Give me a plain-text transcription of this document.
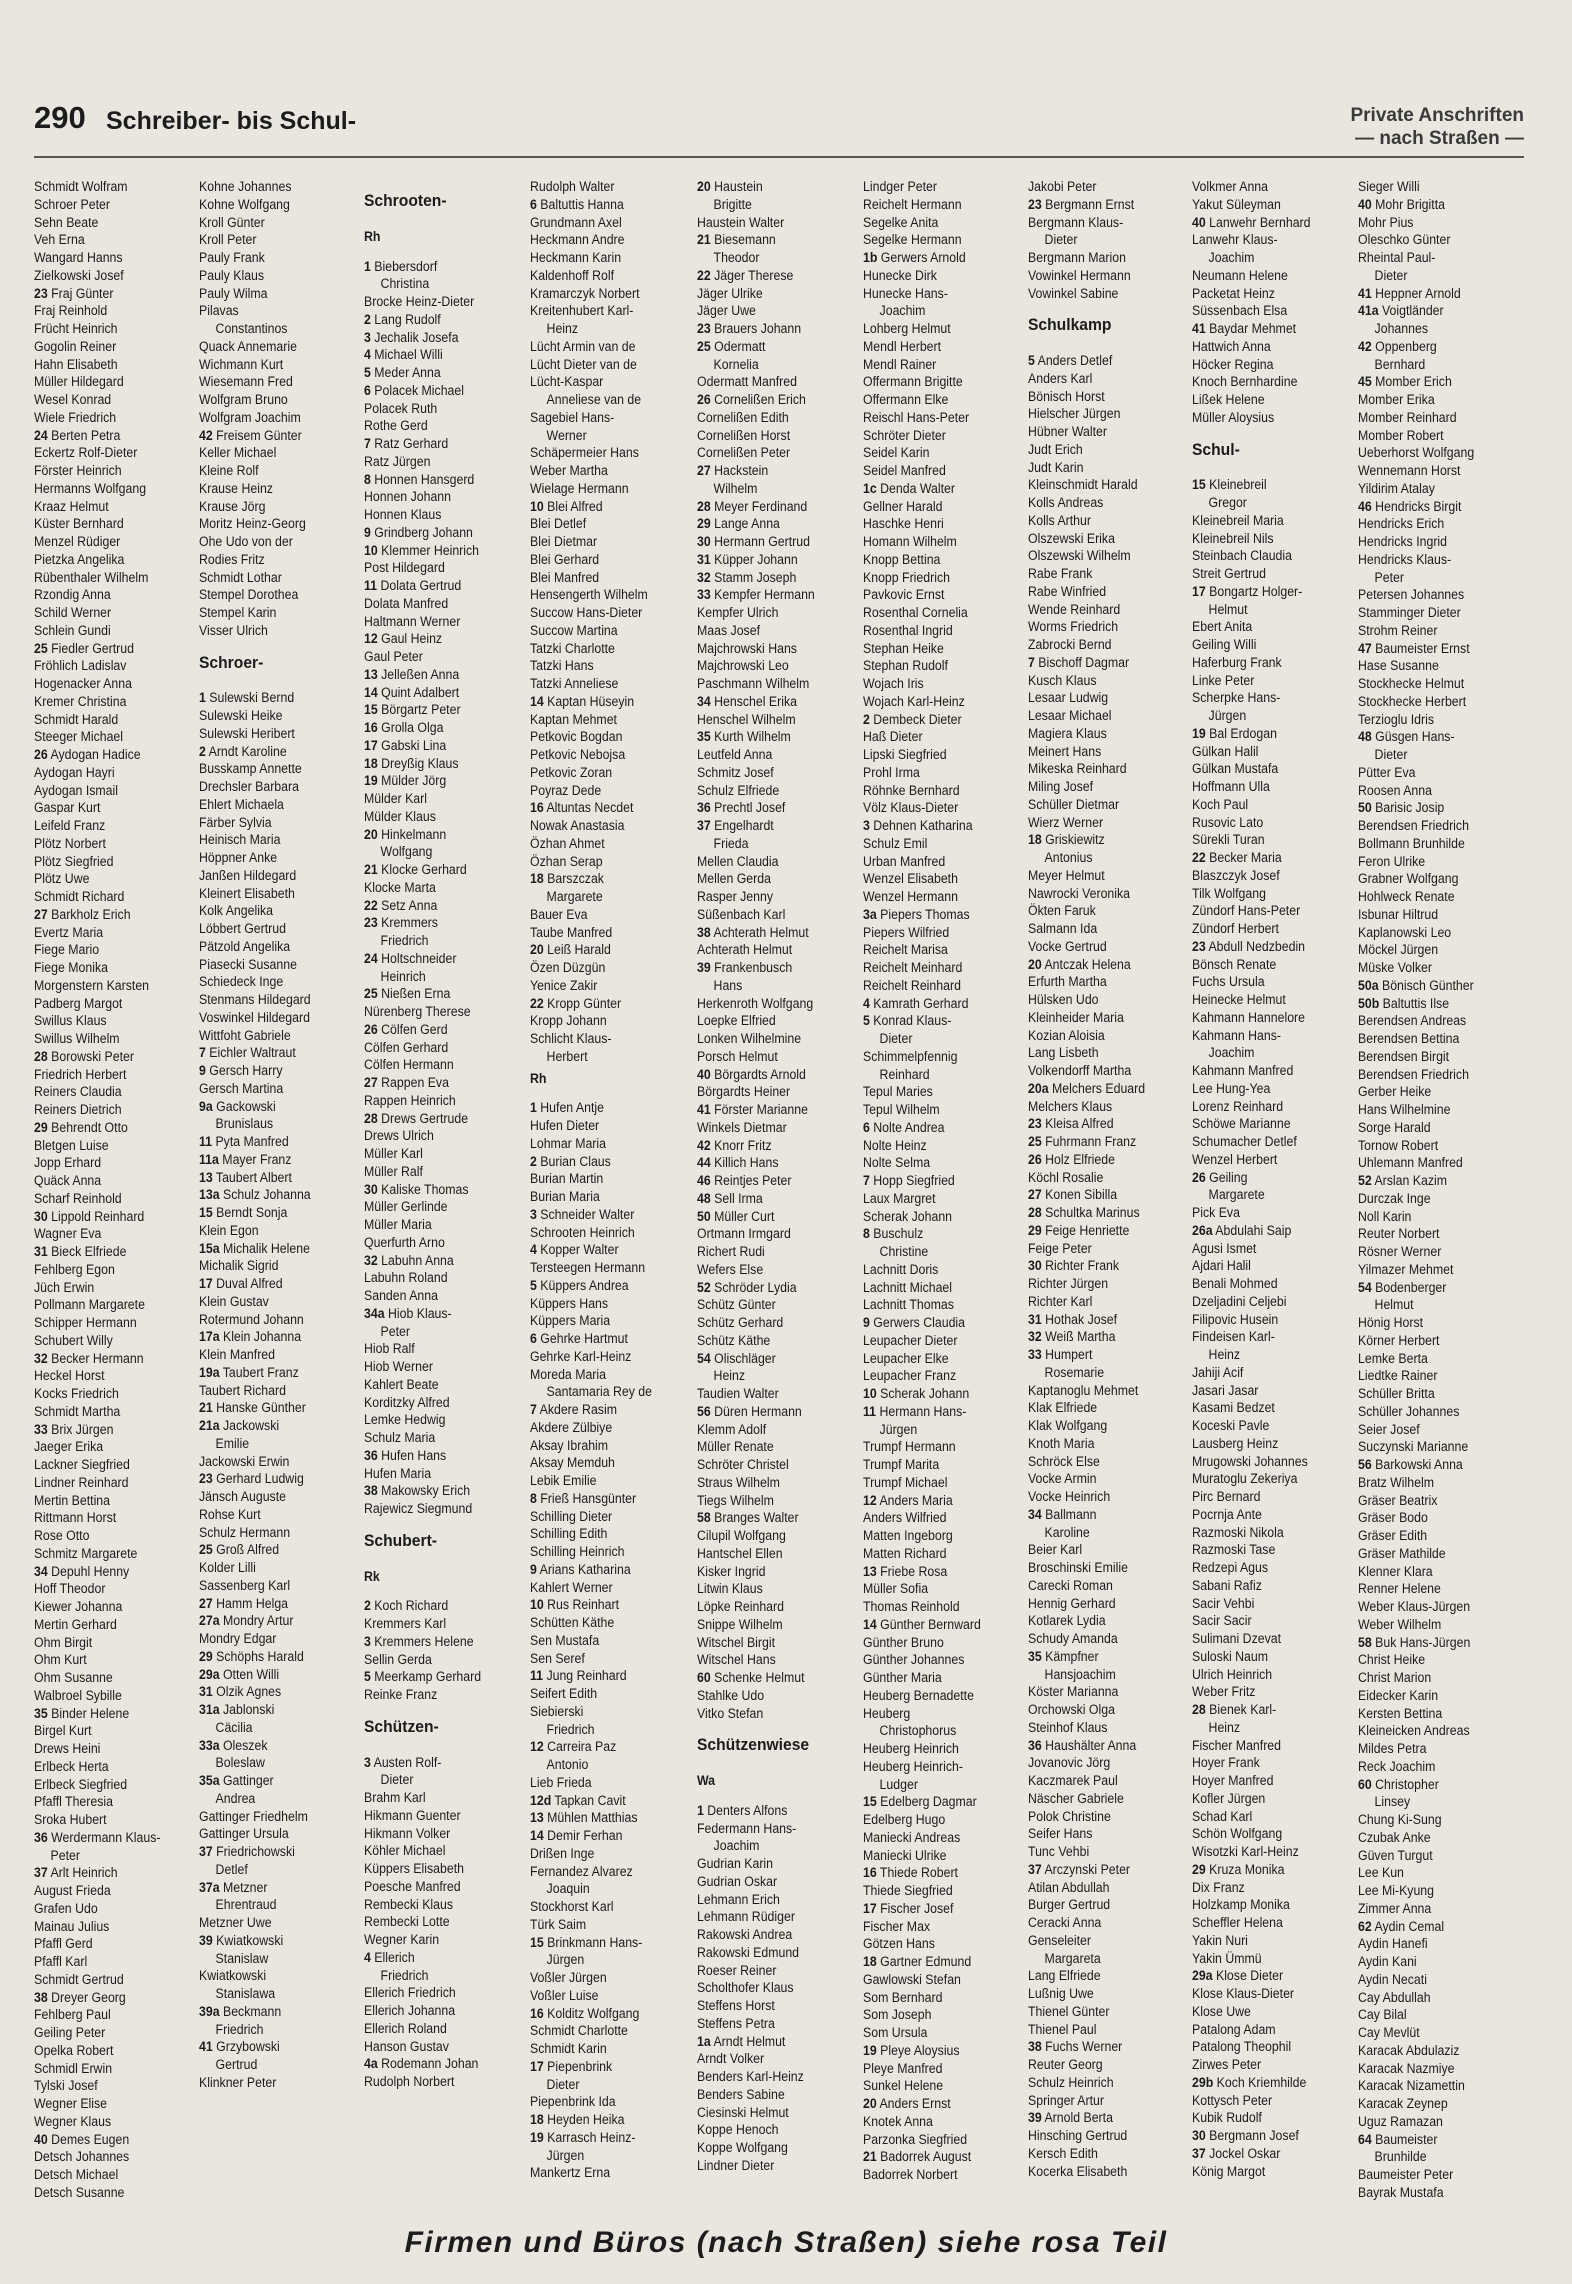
290 Schreiber- bis Schul-	Private Anschriften
— nach Straßen —
Schmidt Wolfram
Schroer Peter
Sehn Beate
Veh Erna
Wangard Hanns
Zielkowski Josef
23 Fraj Günter
Fraj Reinhold
Frücht Heinrich
Gogolin Reiner
Hahn Elisabeth
Müller Hildegard
Wesel Konrad
Wiele Friedrich
24 Berten Petra
Eckertz Rolf-Dieter
Förster Heinrich
Hermanns Wolfgang
Kraaz Helmut
Küster Bernhard
Menzel Rüdiger
Pietzka Angelika
Rübenthaler Wilhelm
Rzondig Anna
Schild Werner
Schlein Gundi
25 Fiedler Gertrud
Fröhlich Ladislav
Hogenacker Anna
Kremer Christina
Schmidt Harald
Steeger Michael
26 Aydogan Hadice
Aydogan Hayri
Aydogan Ismail
Gaspar Kurt
Leifeld Franz
Plötz Norbert
Plötz Siegfried
Plötz Uwe
Schmidt Richard
27 Barkholz Erich
Evertz Maria
Fiege Mario
Fiege Monika
Morgenstern Karsten
Padberg Margot
Swillus Klaus
Swillus Wilhelm
28 Borowski Peter
Friedrich Herbert
Reiners Claudia
Reiners Dietrich
29 Behrendt Otto
Bletgen Luise
Jopp Erhard
Quäck Anna
Scharf Reinhold
30 Lippold Reinhard
Wagner Eva
31 Bieck Elfriede
Fehlberg Egon
Jüch Erwin
Pollmann Margarete
Schipper Hermann
Schubert Willy
32 Becker Hermann
Heckel Horst
Kocks Friedrich
Schmidt Martha
33 Brix Jürgen
Jaeger Erika
Lackner Siegfried
Lindner Reinhard
Mertin Bettina
Rittmann Horst
Rose Otto
Schmitz Margarete
34 Depuhl Henny
Hoff Theodor
Kiewer Johanna
Mertin Gerhard
Ohm Birgit
Ohm Kurt
Ohm Susanne
Walbroel Sybille
35 Binder Helene
Birgel Kurt
Drews Heini
Erlbeck Herta
Erlbeck Siegfried
Pfaffl Theresia
Sroka Hubert
36 Werdermann Klaus-
Peter
37 Arlt Heinrich
August Frieda
Grafen Udo
Mainau Julius
Pfaffl Gerd
Pfaffl Karl
Schmidt Gertrud
38 Dreyer Georg
Fehlberg Paul
Geiling Peter
Opelka Robert
Schmidl Erwin
Tylski Josef
Wegner Elise
Wegner Klaus
40 Demes Eugen
Detsch Johannes
Detsch Michael
Detsch Susanne
Kohne Johannes
Kohne Wolfgang
Kroll Günter
Kroll Peter
Pauly Frank
Pauly Klaus
Pauly Wilma
Pilavas
Constantinos
Quack Annemarie
Wichmann Kurt
Wiesemann Fred
Wolfgram Bruno
Wolfgram Joachim
42 Freisem Günter
Keller Michael
Kleine Rolf
Krause Heinz
Krause Jörg
Moritz Heinz-Georg
Ohe Udo von der
Rodies Fritz
Schmidt Lothar
Stempel Dorothea
Stempel Karin
Visser Ulrich
Schroer-
1 Sulewski Bernd
Sulewski Heike
Sulewski Heribert
2 Arndt Karoline
Busskamp Annette
Drechsler Barbara
Ehlert Michaela
Färber Sylvia
Heinisch Maria
Höppner Anke
Janßen Hildegard
Kleinert Elisabeth
Kolk Angelika
Löbbert Gertrud
Pätzold Angelika
Piasecki Susanne
Schiedeck Inge
Stenmans Hildegard
Voswinkel Hildegard
Wittfoht Gabriele
7 Eichler Waltraut
9 Gersch Harry
Gersch Martina
9a Gackowski
Brunislaus
11 Pyta Manfred
11a Mayer Franz
13 Taubert Albert
13a Schulz Johanna
15 Berndt Sonja
Klein Egon
15a Michalik Helene
Michalik Sigrid
17 Duval Alfred
Klein Gustav
Rotermund Johann
17a Klein Johanna
Klein Manfred
19a Taubert Franz
Taubert Richard
21 Hanske Günther
21a Jackowski
Emilie
Jackowski Erwin
23 Gerhard Ludwig
Jänsch Auguste
Rohse Kurt
Schulz Hermann
25 Groß Alfred
Kolder Lilli
Sassenberg Karl
27 Hamm Helga
27a Mondry Artur
Mondry Edgar
29 Schöphs Harald
29a Otten Willi
31 Olzik Agnes
31a Jablonski
Cäcilia
33a Oleszek
Boleslaw
35a Gattinger
Andrea
Gattinger Friedhelm
Gattinger Ursula
37 Friedrichowski
Detlef
37a Metzner
Ehrentraud
Metzner Uwe
39 Kwiatkowski
Stanislaw
Kwiatkowski
Stanislawa
39a Beckmann
Friedrich
41 Grzybowski
Gertrud
Klinkner Peter
Schrooten-
Rh
1 Biebersdorf
Christina
Brocke Heinz-Dieter
2 Lang Rudolf
3 Jechalik Josefa
4 Michael Willi
5 Meder Anna
6 Polacek Michael
Polacek Ruth
Rothe Gerd
7 Ratz Gerhard
Ratz Jürgen
8 Honnen Hansgerd
Honnen Johann
Honnen Klaus
9 Grindberg Johann
10 Klemmer Heinrich
Post Hildegard
11 Dolata Gertrud
Dolata Manfred
Haltmann Werner
12 Gaul Heinz
Gaul Peter
13 Jelleßen Anna
14 Quint Adalbert
15 Börgartz Peter
16 Grolla Olga
17 Gabski Lina
18 Dreyßig Klaus
19 Mülder Jörg
Mülder Karl
Mülder Klaus
20 Hinkelmann
Wolfgang
21 Klocke Gerhard
Klocke Marta
22 Setz Anna
23 Kremmers
Friedrich
24 Holtschneider
Heinrich
25 Nießen Erna
Nürenberg Therese
26 Cölfen Gerd
Cölfen Gerhard
Cölfen Hermann
27 Rappen Eva
Rappen Heinrich
28 Drews Gertrude
Drews Ulrich
Müller Karl
Müller Ralf
30 Kaliske Thomas
Müller Gerlinde
Müller Maria
Querfurth Arno
32 Labuhn Anna
Labuhn Roland
Sanden Anna
34a Hiob Klaus-
Peter
Hiob Ralf
Hiob Werner
Kahlert Beate
Korditzky Alfred
Lemke Hedwig
Schulz Maria
36 Hufen Hans
Hufen Maria
38 Makowsky Erich
Rajewicz Siegmund
Schubert-
Rk
2 Koch Richard
Kremmers Karl
3 Kremmers Helene
Sellin Gerda
5 Meerkamp Gerhard
Reinke Franz
Schützen-
3 Austen Rolf-
Dieter
Brahm Karl
Hikmann Guenter
Hikmann Volker
Köhler Michael
Küppers Elisabeth
Poesche Manfred
Rembecki Klaus
Rembecki Lotte
Wegner Karin
4 Ellerich
Friedrich
Ellerich Friedrich
Ellerich Johanna
Ellerich Roland
Hanson Gustav
4a Rodemann Johan
Rudolph Norbert
Rudolph Walter
6 Baltuttis Hanna
Grundmann Axel
Heckmann Andre
Heckmann Karin
Kaldenhoff Rolf
Kramarczyk Norbert
Kreitenhubert Karl-
Heinz
Lücht Armin van de
Lücht Dieter van de
Lücht-Kaspar
Anneliese van de
Sagebiel Hans-
Werner
Schäpermeier Hans
Weber Martha
Wielage Hermann
10 Blei Alfred
Blei Detlef
Blei Dietmar
Blei Gerhard
Blei Manfred
Hensengerth Wilhelm
Succow Hans-Dieter
Succow Martina
Tatzki Charlotte
Tatzki Hans
Tatzki Anneliese
14 Kaptan Hüseyin
Kaptan Mehmet
Petkovic Bogdan
Petkovic Nebojsa
Petkovic Zoran
Poyraz Dede
16 Altuntas Necdet
Nowak Anastasia
Özhan Ahmet
Özhan Serap
18 Barszczak
Margarete
Bauer Eva
Taube Manfred
20 Leiß Harald
Özen Düzgün
Yenice Zakir
22 Kropp Günter
Kropp Johann
Schlicht Klaus-
Herbert
Rh
1 Hufen Antje
Hufen Dieter
Lohmar Maria
2 Burian Claus
Burian Martin
Burian Maria
3 Schneider Walter
Schrooten Heinrich
4 Kopper Walter
Tersteegen Hermann
5 Küppers Andrea
Küppers Hans
Küppers Maria
6 Gehrke Hartmut
Gehrke Karl-Heinz
Moreda Maria
Santamaria Rey de
7 Akdere Rasim
Akdere Zülbiye
Aksay Ibrahim
Aksay Memduh
Lebik Emilie
8 Frieß Hansgünter
Schilling Dieter
Schilling Edith
Schilling Heinrich
9 Arians Katharina
Kahlert Werner
10 Rus Reinhart
Schütten Käthe
Sen Mustafa
Sen Seref
11 Jung Reinhard
Seifert Edith
Siebierski
Friedrich
12 Carreira Paz
Antonio
Lieb Frieda
12d Tapkan Cavit
13 Mühlen Matthias
14 Demir Ferhan
Drißen Inge
Fernandez Alvarez
Joaquin
Stockhorst Karl
Türk Saim
15 Brinkmann Hans-
Jürgen
Voßler Jürgen
Voßler Luise
16 Kolditz Wolfgang
Schmidt Charlotte
Schmidt Karin
17 Piepenbrink
Dieter
Piepenbrink Ida
18 Heyden Heika
19 Karrasch Heinz-
Jürgen
Mankertz Erna
20 Haustein
Brigitte
Haustein Walter
21 Biesemann
Theodor
22 Jäger Therese
Jäger Ulrike
Jäger Uwe
23 Brauers Johann
25 Odermatt
Kornelia
Odermatt Manfred
26 Cornelißen Erich
Cornelißen Edith
Cornelißen Horst
Cornelißen Peter
27 Hackstein
Wilhelm
28 Meyer Ferdinand
29 Lange Anna
30 Hermann Gertrud
31 Küpper Johann
32 Stamm Joseph
33 Kempfer Hermann
Kempfer Ulrich
Maas Josef
Majchrowski Hans
Majchrowski Leo
Paschmann Wilhelm
34 Henschel Erika
Henschel Wilhelm
35 Kurth Wilhelm
Leutfeld Anna
Schmitz Josef
Schulz Elfriede
36 Prechtl Josef
37 Engelhardt
Frieda
Mellen Claudia
Mellen Gerda
Rasper Jenny
Süßenbach Karl
38 Achterath Helmut
Achterath Helmut
39 Frankenbusch
Hans
Herkenroth Wolfgang
Loepke Elfried
Lonken Wilhelmine
Porsch Helmut
40 Börgardts Arnold
Börgardts Heiner
41 Förster Marianne
Winkels Dietmar
42 Knorr Fritz
44 Killich Hans
46 Reintjes Peter
48 Sell Irma
50 Müller Curt
Ortmann Irmgard
Richert Rudi
Wefers Else
52 Schröder Lydia
Schütz Günter
Schütz Gerhard
Schütz Käthe
54 Olischläger
Heinz
Taudien Walter
56 Düren Hermann
Klemm Adolf
Müller Renate
Schröter Christel
Straus Wilhelm
Tiegs Wilhelm
58 Branges Walter
Cilupil Wolfgang
Hantschel Ellen
Kisker Ingrid
Litwin Klaus
Löpke Reinhard
Snippe Wilhelm
Witschel Birgit
Witschel Hans
60 Schenke Helmut
Stahlke Udo
Vitko Stefan
Schützenwiese
Wa
1 Denters Alfons
Federmann Hans-
Joachim
Gudrian Karin
Gudrian Oskar
Lehmann Erich
Lehmann Rüdiger
Rakowski Andrea
Rakowski Edmund
Roeser Reiner
Scholthofer Klaus
Steffens Horst
Steffens Petra
1a Arndt Helmut
Arndt Volker
Benders Karl-Heinz
Benders Sabine
Ciesinski Helmut
Koppe Henoch
Koppe Wolfgang
Lindner Dieter
Lindger Peter
Reichelt Hermann
Segelke Anita
Segelke Hermann
1b Gerwers Arnold
Hunecke Dirk
Hunecke Hans-
Joachim
Lohberg Helmut
Mendl Herbert
Mendl Rainer
Offermann Brigitte
Offermann Elke
Reischl Hans-Peter
Schröter Dieter
Seidel Karin
Seidel Manfred
1c Denda Walter
Gellner Harald
Haschke Henri
Homann Wilhelm
Knopp Bettina
Knopp Friedrich
Pavkovic Ernst
Rosenthal Cornelia
Rosenthal Ingrid
Stephan Heike
Stephan Rudolf
Wojach Iris
Wojach Karl-Heinz
2 Dembeck Dieter
Haß Dieter
Lipski Siegfried
Prohl Irma
Röhnke Bernhard
Völz Klaus-Dieter
3 Dehnen Katharina
Schulz Emil
Urban Manfred
Wenzel Elisabeth
Wenzel Hermann
3a Piepers Thomas
Piepers Wilfried
Reichelt Marisa
Reichelt Meinhard
Reichelt Reinhard
4 Kamrath Gerhard
5 Konrad Klaus-
Dieter
Schimmelpfennig
Reinhard
Tepul Maries
Tepul Wilhelm
6 Nolte Andrea
Nolte Heinz
Nolte Selma
7 Hopp Siegfried
Laux Margret
Scherak Johann
8 Buschulz
Christine
Lachnitt Doris
Lachnitt Michael
Lachnitt Thomas
9 Gerwers Claudia
Leupacher Dieter
Leupacher Elke
Leupacher Franz
10 Scherak Johann
11 Hermann Hans-
Jürgen
Trumpf Hermann
Trumpf Marita
Trumpf Michael
12 Anders Maria
Anders Wilfried
Matten Ingeborg
Matten Richard
13 Friebe Rosa
Müller Sofia
Thomas Reinhold
14 Günther Bernward
Günther Bruno
Günther Johannes
Günther Maria
Heuberg Bernadette
Heuberg
Christophorus
Heuberg Heinrich
Heuberg Heinrich-
Ludger
15 Edelberg Dagmar
Edelberg Hugo
Maniecki Andreas
Maniecki Ulrike
16 Thiede Robert
Thiede Siegfried
17 Fischer Josef
Fischer Max
Götzen Hans
18 Gartner Edmund
Gawlowski Stefan
Som Bernhard
Som Joseph
Som Ursula
19 Pleye Aloysius
Pleye Manfred
Sunkel Helene
20 Anders Ernst
Knotek Anna
Parzonka Siegfried
21 Badorrek August
Badorrek Norbert
Jakobi Peter
23 Bergmann Ernst
Bergmann Klaus-
Dieter
Bergmann Marion
Vowinkel Hermann
Vowinkel Sabine
Schulkamp
5 Anders Detlef
Anders Karl
Bönisch Horst
Hielscher Jürgen
Hübner Walter
Judt Erich
Judt Karin
Kleinschmidt Harald
Kolls Andreas
Kolls Arthur
Olszewski Erika
Olszewski Wilhelm
Rabe Frank
Rabe Winfried
Wende Reinhard
Worms Friedrich
Zabrocki Bernd
7 Bischoff Dagmar
Kusch Klaus
Lesaar Ludwig
Lesaar Michael
Magiera Klaus
Meinert Hans
Mikeska Reinhard
Miling Josef
Schüller Dietmar
Wierz Werner
18 Griskiewitz
Antonius
Meyer Helmut
Nawrocki Veronika
Ökten Faruk
Salmann Ida
Vocke Gertrud
20 Antczak Helena
Erfurth Martha
Hülsken Udo
Kleinheider Maria
Kozian Aloisia
Lang Lisbeth
Volkendorff Martha
20a Melchers Eduard
Melchers Klaus
23 Kleisa Alfred
25 Fuhrmann Franz
26 Holz Elfriede
Köchl Rosalie
27 Konen Sibilla
28 Schultka Marinus
29 Feige Henriette
Feige Peter
30 Richter Frank
Richter Jürgen
Richter Karl
31 Hothak Josef
32 Weiß Martha
33 Humpert
Rosemarie
Kaptanoglu Mehmet
Klak Elfriede
Klak Wolfgang
Knoth Maria
Schröck Else
Vocke Armin
Vocke Heinrich
34 Ballmann
Karoline
Beier Karl
Broschinski Emilie
Carecki Roman
Hennig Gerhard
Kotlarek Lydia
Schudy Amanda
35 Kämpfner
Hansjoachim
Köster Marianna
Orchowski Olga
Steinhof Klaus
36 Haushälter Anna
Jovanovic Jörg
Kaczmarek Paul
Näscher Gabriele
Polok Christine
Seifer Hans
Tunc Vehbi
37 Arczynski Peter
Atilan Abdullah
Burger Gertrud
Ceracki Anna
Genseleiter
Margareta
Lang Elfriede
Lußnig Uwe
Thienel Günter
Thienel Paul
38 Fuchs Werner
Reuter Georg
Schulz Heinrich
Springer Artur
39 Arnold Berta
Hinsching Gertrud
Kersch Edith
Kocerka Elisabeth
Volkmer Anna
Yakut Süleyman
40 Lanwehr Bernhard
Lanwehr Klaus-
Joachim
Neumann Helene
Packetat Heinz
Süssenbach Elsa
41 Baydar Mehmet
Hattwich Anna
Höcker Regina
Knoch Bernhardine
Lißek Helene
Müller Aloysius
Schul-
15 Kleinebreil
Gregor
Kleinebreil Maria
Kleinebreil Nils
Steinbach Claudia
Streit Gertrud
17 Bongartz Holger-
Helmut
Ebert Anita
Geiling Willi
Haferburg Frank
Linke Peter
Scherpke Hans-
Jürgen
19 Bal Erdogan
Gülkan Halil
Gülkan Mustafa
Hoffmann Ulla
Koch Paul
Rusovic Lato
Sürekli Turan
22 Becker Maria
Blaszczyk Josef
Tilk Wolfgang
Zündorf Hans-Peter
Zündorf Herbert
23 Abdull Nedzbedin
Bönsch Renate
Fuchs Ursula
Heinecke Helmut
Kahmann Hannelore
Kahmann Hans-
Joachim
Kahmann Manfred
Lee Hung-Yea
Lorenz Reinhard
Schöwe Marianne
Schumacher Detlef
Wenzel Herbert
26 Geiling
Margarete
Pick Eva
26a Abdulahi Saip
Agusi Ismet
Ajdari Halil
Benali Mohmed
Dzeljadini Celjebi
Filipovic Husein
Findeisen Karl-
Heinz
Jahiji Acif
Jasari Jasar
Kasami Bedzet
Koceski Pavle
Lausberg Heinz
Mrugowski Johannes
Muratoglu Zekeriya
Pirc Bernard
Pocrnja Ante
Razmoski Nikola
Razmoski Tase
Redzepi Agus
Sabani Rafiz
Sacir Vehbi
Sacir Sacir
Sulimani Dzevat
Suloski Naum
Ulrich Heinrich
Weber Fritz
28 Bienek Karl-
Heinz
Fischer Manfred
Hoyer Frank
Hoyer Manfred
Kofler Jürgen
Schad Karl
Schön Wolfgang
Wisotzki Karl-Heinz
29 Kruza Monika
Dix Franz
Holzkamp Monika
Scheffler Helena
Yakin Nuri
Yakin Ümmü
29a Klose Dieter
Klose Klaus-Dieter
Klose Uwe
Patalong Adam
Patalong Theophil
Zirwes Peter
29b Koch Kriemhilde
Kottysch Peter
Kubik Rudolf
30 Bergmann Josef
37 Jockel Oskar
König Margot
Sieger Willi
40 Mohr Brigitta
Mohr Pius
Oleschko Günter
Rheintal Paul-
Dieter
41 Heppner Arnold
41a Voigtländer
Johannes
42 Oppenberg
Bernhard
45 Momber Erich
Momber Erika
Momber Reinhard
Momber Robert
Ueberhorst Wolfgang
Wennemann Horst
Yildirim Atalay
46 Hendricks Birgit
Hendricks Erich
Hendricks Ingrid
Hendricks Klaus-
Peter
Petersen Johannes
Stamminger Dieter
Strohm Reiner
47 Baumeister Ernst
Hase Susanne
Stockhecke Helmut
Stockhecke Herbert
Terzioglu Idris
48 Güsgen Hans-
Dieter
Pütter Eva
Roosen Anna
50 Barisic Josip
Berendsen Friedrich
Bollmann Brunhilde
Feron Ulrike
Grabner Wolfgang
Hohlweck Renate
Isbunar Hiltrud
Kaplanowski Leo
Möckel Jürgen
Müske Volker
50a Bönisch Günther
50b Baltuttis Ilse
Berendsen Andreas
Berendsen Bettina
Berendsen Birgit
Berendsen Friedrich
Gerber Heike
Hans Wilhelmine
Sorge Harald
Tornow Robert
Uhlemann Manfred
52 Arslan Kazim
Durczak Inge
Noll Karin
Reuter Norbert
Rösner Werner
Yilmazer Mehmet
54 Bodenberger
Helmut
Hönig Horst
Körner Herbert
Lemke Berta
Liedtke Rainer
Schüller Britta
Schüller Johannes
Seier Josef
Suczynski Marianne
56 Barkowski Anna
Bratz Wilhelm
Gräser Beatrix
Gräser Bodo
Gräser Edith
Gräser Mathilde
Klenner Klara
Renner Helene
Weber Klaus-Jürgen
Weber Wilhelm
58 Buk Hans-Jürgen
Christ Heike
Christ Marion
Eidecker Karin
Kersten Bettina
Kleineicken Andreas
Mildes Petra
Reck Joachim
60 Christopher
Linsey
Chung Ki-Sung
Czubak Anke
Güven Turgut
Lee Kun
Lee Mi-Kyung
Zimmer Anna
62 Aydin Cemal
Aydin Hanefi
Aydin Kani
Aydin Necati
Cay Abdullah
Cay Bilal
Cay Mevlüt
Karacak Abdulaziz
Karacak Nazmiye
Karacak Nizamettin
Karacak Zeynep
Uguz Ramazan
64 Baumeister
Brunhilde
Baumeister Peter
Bayrak Mustafa
Firmen und Büros (nach Straßen) siehe rosa Teil
